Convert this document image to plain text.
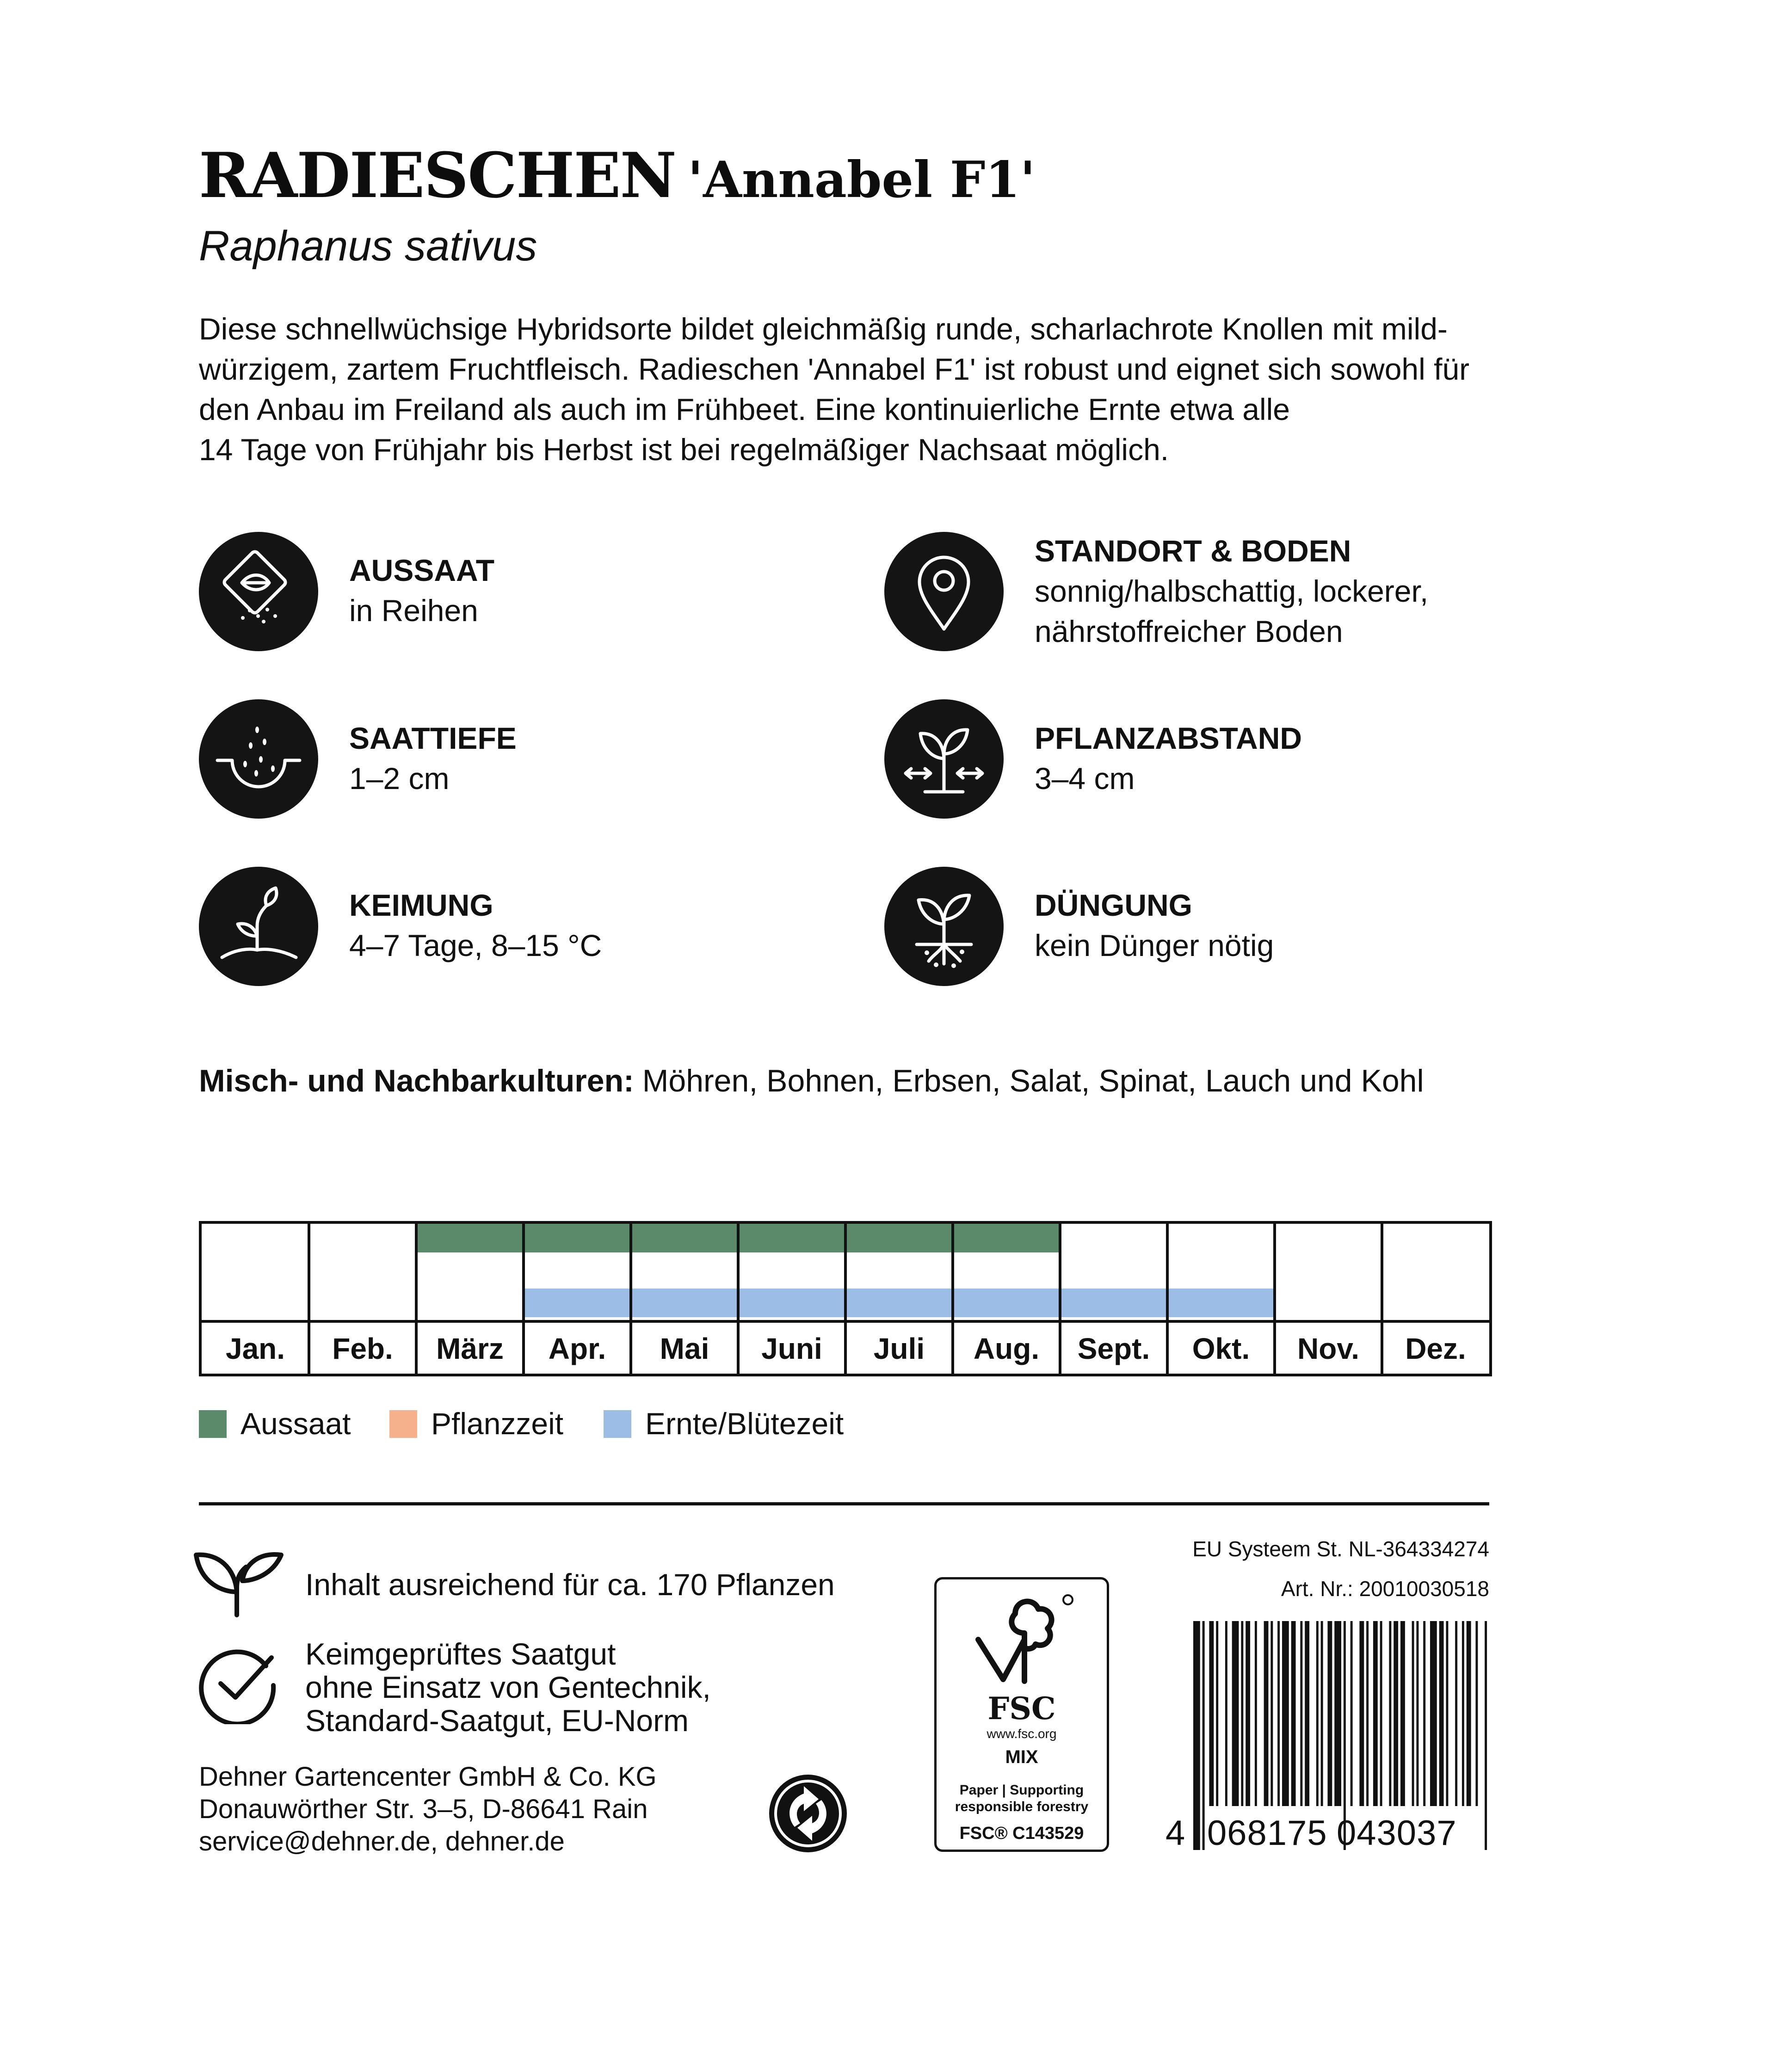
RADIESCHEN 'Annabel F1'
Raphanus sativus
Diese schnellwüchsige Hybridsorte bildet gleichmäßig runde, scharlachrote Knollen mit mild-
würzigem, zartem Fruchtfleisch. Radieschen 'Annabel F1' ist robust und eignet sich sowohl für
den Anbau im Freiland als auch im Frühbeet. Eine kontinuierliche Ernte etwa alle
14 Tage von Frühjahr bis Herbst ist bei regelmäßiger Nachsaat möglich.
AUSSAAT
in Reihen
STANDORT & BODEN
sonnig/halbschattig, lockerer,
nährstoffreicher Boden
SAATTIEFE
1–2 cm
PFLANZABSTAND
3–4 cm
KEIMUNG
4–7 Tage, 8–15 °C
DÜNGUNG
kein Dünger nötig
Misch- und Nachbarkulturen: Möhren, Bohnen, Erbsen, Salat, Spinat, Lauch und Kohl
Jan.	Feb.	März	Apr.	Mai	Juni	Juli	Aug.	Sept.	Okt.	Nov.	Dez.
Aussaat	Pflanzzeit	Ernte/Blütezeit
Inhalt ausreichend für ca. 170 Pflanzen
Keimgeprüftes Saatgut
ohne Einsatz von Gentechnik,
Standard-Saatgut, EU-Norm
Dehner Gartencenter GmbH & Co. KG
Donauwörther Str. 3–5, D-86641 Rain
service@dehner.de, dehner.de
FSC
www.fsc.org
MIX
Paper | Supporting
responsible forestry
FSC® C143529
EU Systeem St. NL-364334274
Art. Nr.: 20010030518
4 068175 043037
